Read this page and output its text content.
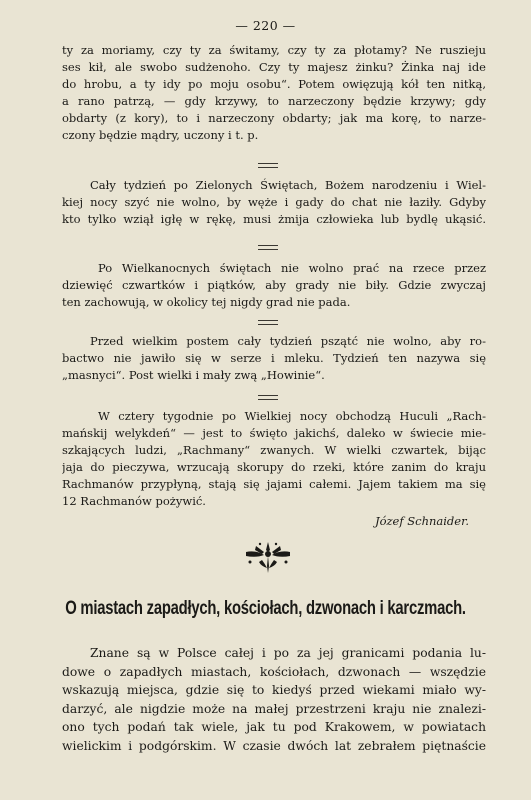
— 220 —
ty za moriamy, czy ty za świtamy, czy ty za płotamy? Ne ruszieju
ses kił, ale swobo sudżenoho. Czy ty majesz żinku? Żinka naj ide
do hrobu, a ty idy po moju osobu“. Potem owięzują kół ten nitką,
a rano patrzą, — gdy krzywy, to narzeczony będzie krzywy; gdy
obdarty (z kory), to i narzeczony obdarty; jak ma korę, to narze-
czony będzie mądry, uczony i t. p.
Cały tydzień po Zielonych Świętach, Bożem narodzeniu i Wiel-
kiej nocy szyć nie wolno, by węże i gady do chat nie łaziły. Gdyby
kto tylko wziął igłę w rękę, musi żmija człowieka lub bydlę ukąsić.
Po Wielkanocnych świętach nie wolno prać na rzece przez
dziewięć czwartków i piątków, aby grady nie biły. Gdzie zwyczaj
ten zachowują, w okolicy tej nigdy grad nie pada.
Przed wielkim postem cały tydzień pszątć nie wolno, aby ro-
bactwo nie jawiło się w serze i mleku. Tydzień ten nazywa się
„masnyci“. Post wielki i mały zwą „Howinie“.
W cztery tygodnie po Wielkiej nocy obchodzą Huculi „Rach-
mańskij welykdeń“ — jest to święto jakichś, daleko w świecie mie-
szkających ludzi, „Rachmany“ zwanych. W wielki czwartek, bijąc
jaja do pieczywa, wrzucają skorupy do rzeki, które zanim do kraju
Rachmanów przypłyną, stają się jajami całemi. Jajem takiem ma się
12 Rachmanów pożywić.
Józef Schnaider.
O miastach zapadłych, kościołach, dzwonach i karczmach.
Znane są w Polsce całej i po za jej granicami podania lu-
dowe o zapadłych miastach, kościołach, dzwonach — wszędzie
wskazują miejsca, gdzie się to kiedyś przed wiekami miało wy-
darzyć, ale nigdzie może na małej przestrzeni kraju nie znalezi-
ono tych podań tak wiele, jak tu pod Krakowem, w powiatach
wielickim i podgórskim. W czasie dwóch lat zebrałem piętnaście
